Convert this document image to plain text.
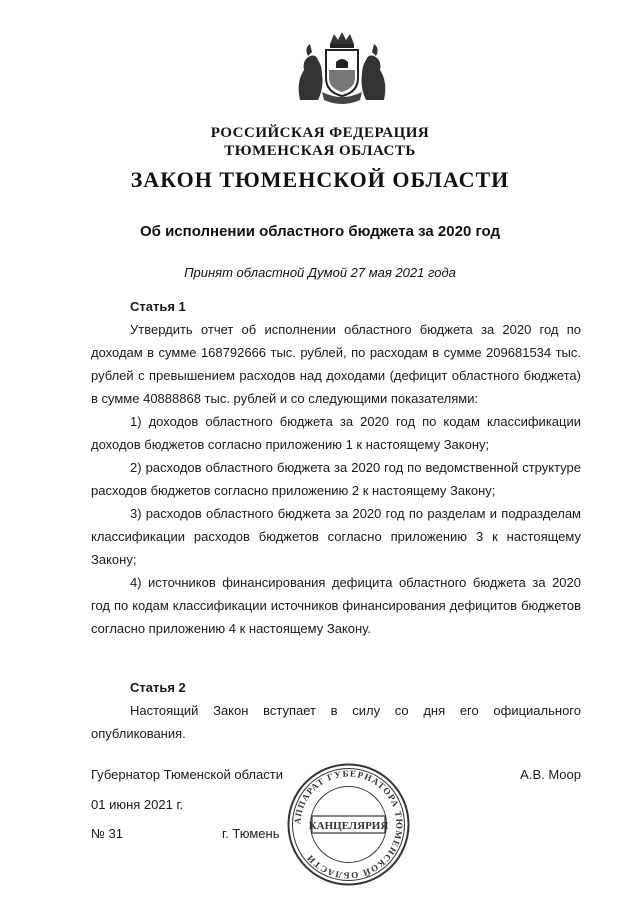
РОССИЙСКАЯ ФЕДЕРАЦИЯ
ТЮМЕНСКАЯ ОБЛАСТЬ
ЗАКОН ТЮМЕНСКОЙ ОБЛАСТИ
Об исполнении областного бюджета за 2020 год
Принят областной Думой 27 мая 2021 года

Статья 1

Утвердить отчет об исполнении областного бюджета за 2020 год по доходам в сумме 168792666 тыс. рублей, по расходам в сумме 209681534 тыс. рублей с превышением расходов над доходами (дефицит областного бюджета) в сумме 40888868 тыс. рублей и со следующими показателями:

1) доходов областного бюджета за 2020 год по кодам классификации доходов бюджетов согласно приложению 1 к настоящему Закону;

2) расходов областного бюджета за 2020 год по ведомственной структуре расходов бюджетов согласно приложению 2 к настоящему Закону;

3) расходов областного бюджета за 2020 год по разделам и подразделам классификации расходов бюджетов согласно приложению 3 к настоящему Закону;

4) источников финансирования дефицита областного бюджета за 2020 год по кодам классификации источников финансирования дефицитов бюджетов согласно приложению 4 к настоящему Закону.

Статья 2

Настоящий Закон вступает в силу со дня его официального опубликования.

Губернатор Тюменской области	А.В. Моор
01 июня 2021 г.
№ 31	г. Тюмень
АППАРАТ ГУБЕРНАТОРА ТЮМЕНСКОЙ ОБЛАСТИ
КАНЦЕЛЯРИЯ
